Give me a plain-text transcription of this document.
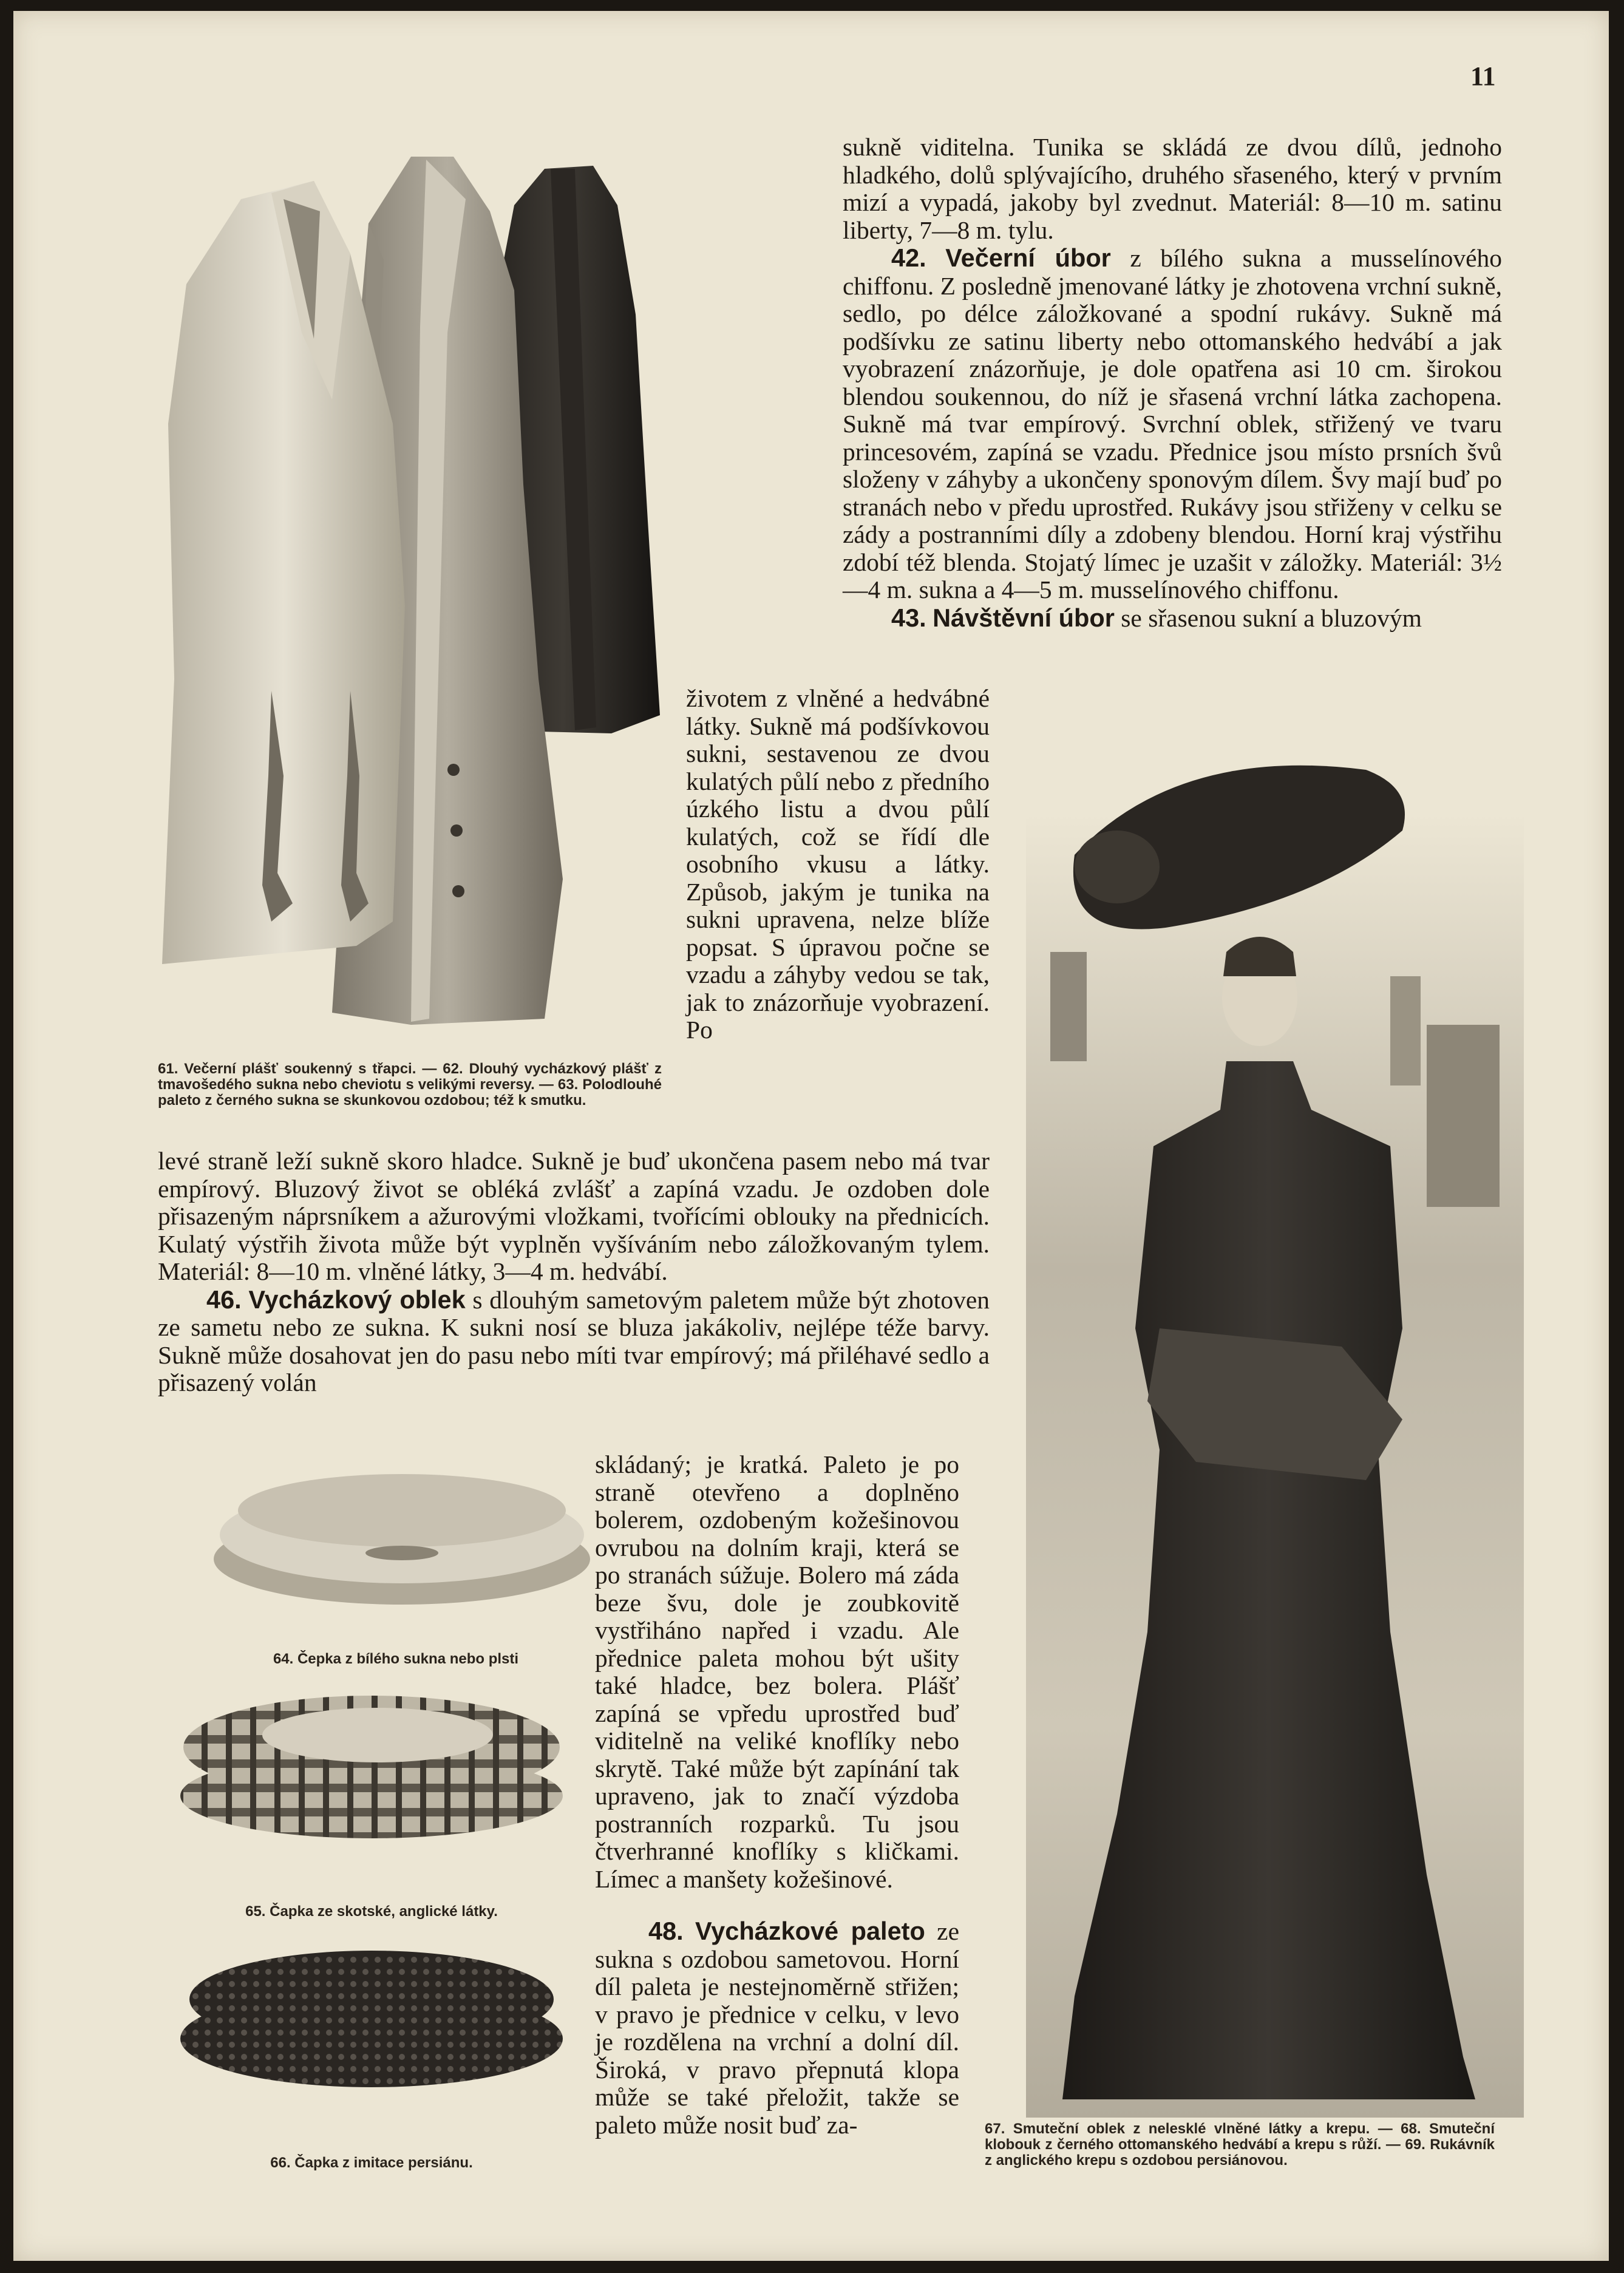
11
61. Večerní plášť soukenný s třapci. — 62. Dlouhý vycházkový plášť z tmavošedého sukna nebo cheviotu s velikými reversy. — 63. Polodlouhé paleto z černého sukna se skunkovou ozdobou; též k smutku.
67. Smuteční oblek z nelesklé vlněné látky a krepu. — 68. Smuteční klobouk z černého ottomanského hedvábí a krepu s růží. — 69. Rukávník z anglického krepu s ozdobou persiánovou.
64. Čepka z bílého sukna nebo plsti
65. Čapka ze skotské, anglické látky.
66. Čapka z imitace persiánu.

sukně viditelna. Tunika se skládá ze dvou dílů, jednoho hladkého, dolů splývajícího, druhého sřaseného, který v prvním mizí a vypadá, jakoby byl zvednut. Materiál: 8—10 m. satinu liberty, 7—8 m. tylu.

42. Večerní úbor z bílého sukna a musselínového chiffonu. Z posledně jmenované látky je zhotovena vrchní sukně, sedlo, po délce záložkované a spodní rukávy. Sukně má podšívku ze satinu liberty nebo ottomanského hedvábí a jak vyobrazení znázorňuje, je dole opatřena asi 10 cm. širokou blendou soukennou, do níž je sřasená vrchní látka zachopena. Sukně má tvar empírový. Svrchní oblek, střižený ve tvaru princesovém, zapíná se vzadu. Přednice jsou místo prsních švů složeny v záhyby a ukončeny sponovým dílem. Švy mají buď po stranách nebo v předu uprostřed. Rukávy jsou střiženy v celku se zády a postranními díly a zdobeny blendou. Horní kraj výstřihu zdobí též blenda. Stojatý límec je uzašit v záložky. Materiál: 3½—4 m. sukna a 4—5 m. musselínového chiffonu.

43. Návštěvní úbor se sřasenou sukní a bluzovým

životem z vlněné a hedvábné látky. Sukně má podšívkovou sukni, sestavenou ze dvou kulatých půlí nebo z předního úzkého listu a dvou půlí kulatých, což se řídí dle osobního vkusu a látky. Způsob, jakým je tunika na sukni upravena, nelze blíže popsat. S úpravou počne se vzadu a záhyby vedou se tak, jak to znázorňuje vyobrazení. Po

levé straně leží sukně skoro hladce. Sukně je buď ukončena pasem nebo má tvar empírový. Bluzový život se obléká zvlášť a zapíná vzadu. Je ozdoben dole přisazeným náprsníkem a ažurovými vložkami, tvořícími oblouky na přednicích. Kulatý výstřih života může být vyplněn vyšíváním nebo záložkovaným tylem. Materiál: 8—10 m. vlněné látky, 3—4 m. hedvábí.

46. Vycházkový oblek s dlouhým sametovým paletem může být zhotoven ze sametu nebo ze sukna. K sukni nosí se bluza jakákoliv, nejlépe téže barvy. Sukně může dosahovat jen do pasu nebo míti tvar empírový; má přiléhavé sedlo a přisazený volán

skládaný; je kratká. Paleto je po straně otevřeno a doplněno bolerem, ozdobeným kožešinovou ovrubou na dolním kraji, která se po stranách súžuje. Bolero má záda beze švu, dole je zoubkovitě vystřiháno napřed i vzadu. Ale přednice paleta mohou být ušity také hladce, bez bolera. Plášť zapíná se vpředu uprostřed buď viditelně na veliké knoflíky nebo skrytě. Také může být zapínání tak upraveno, jak to značí výzdoba postranních rozparků. Tu jsou čtverhranné knoflíky s kličkami. Límec a manšety kožešinové.

48. Vycházkové paleto ze sukna s ozdobou sametovou. Horní díl paleta je nestejnoměrně střižen; v pravo je přednice v celku, v levo je rozdělena na vrchní a dolní díl. Široká, v pravo přepnutá klopa může se také přeložit, takže se paleto může nosit buď za-
